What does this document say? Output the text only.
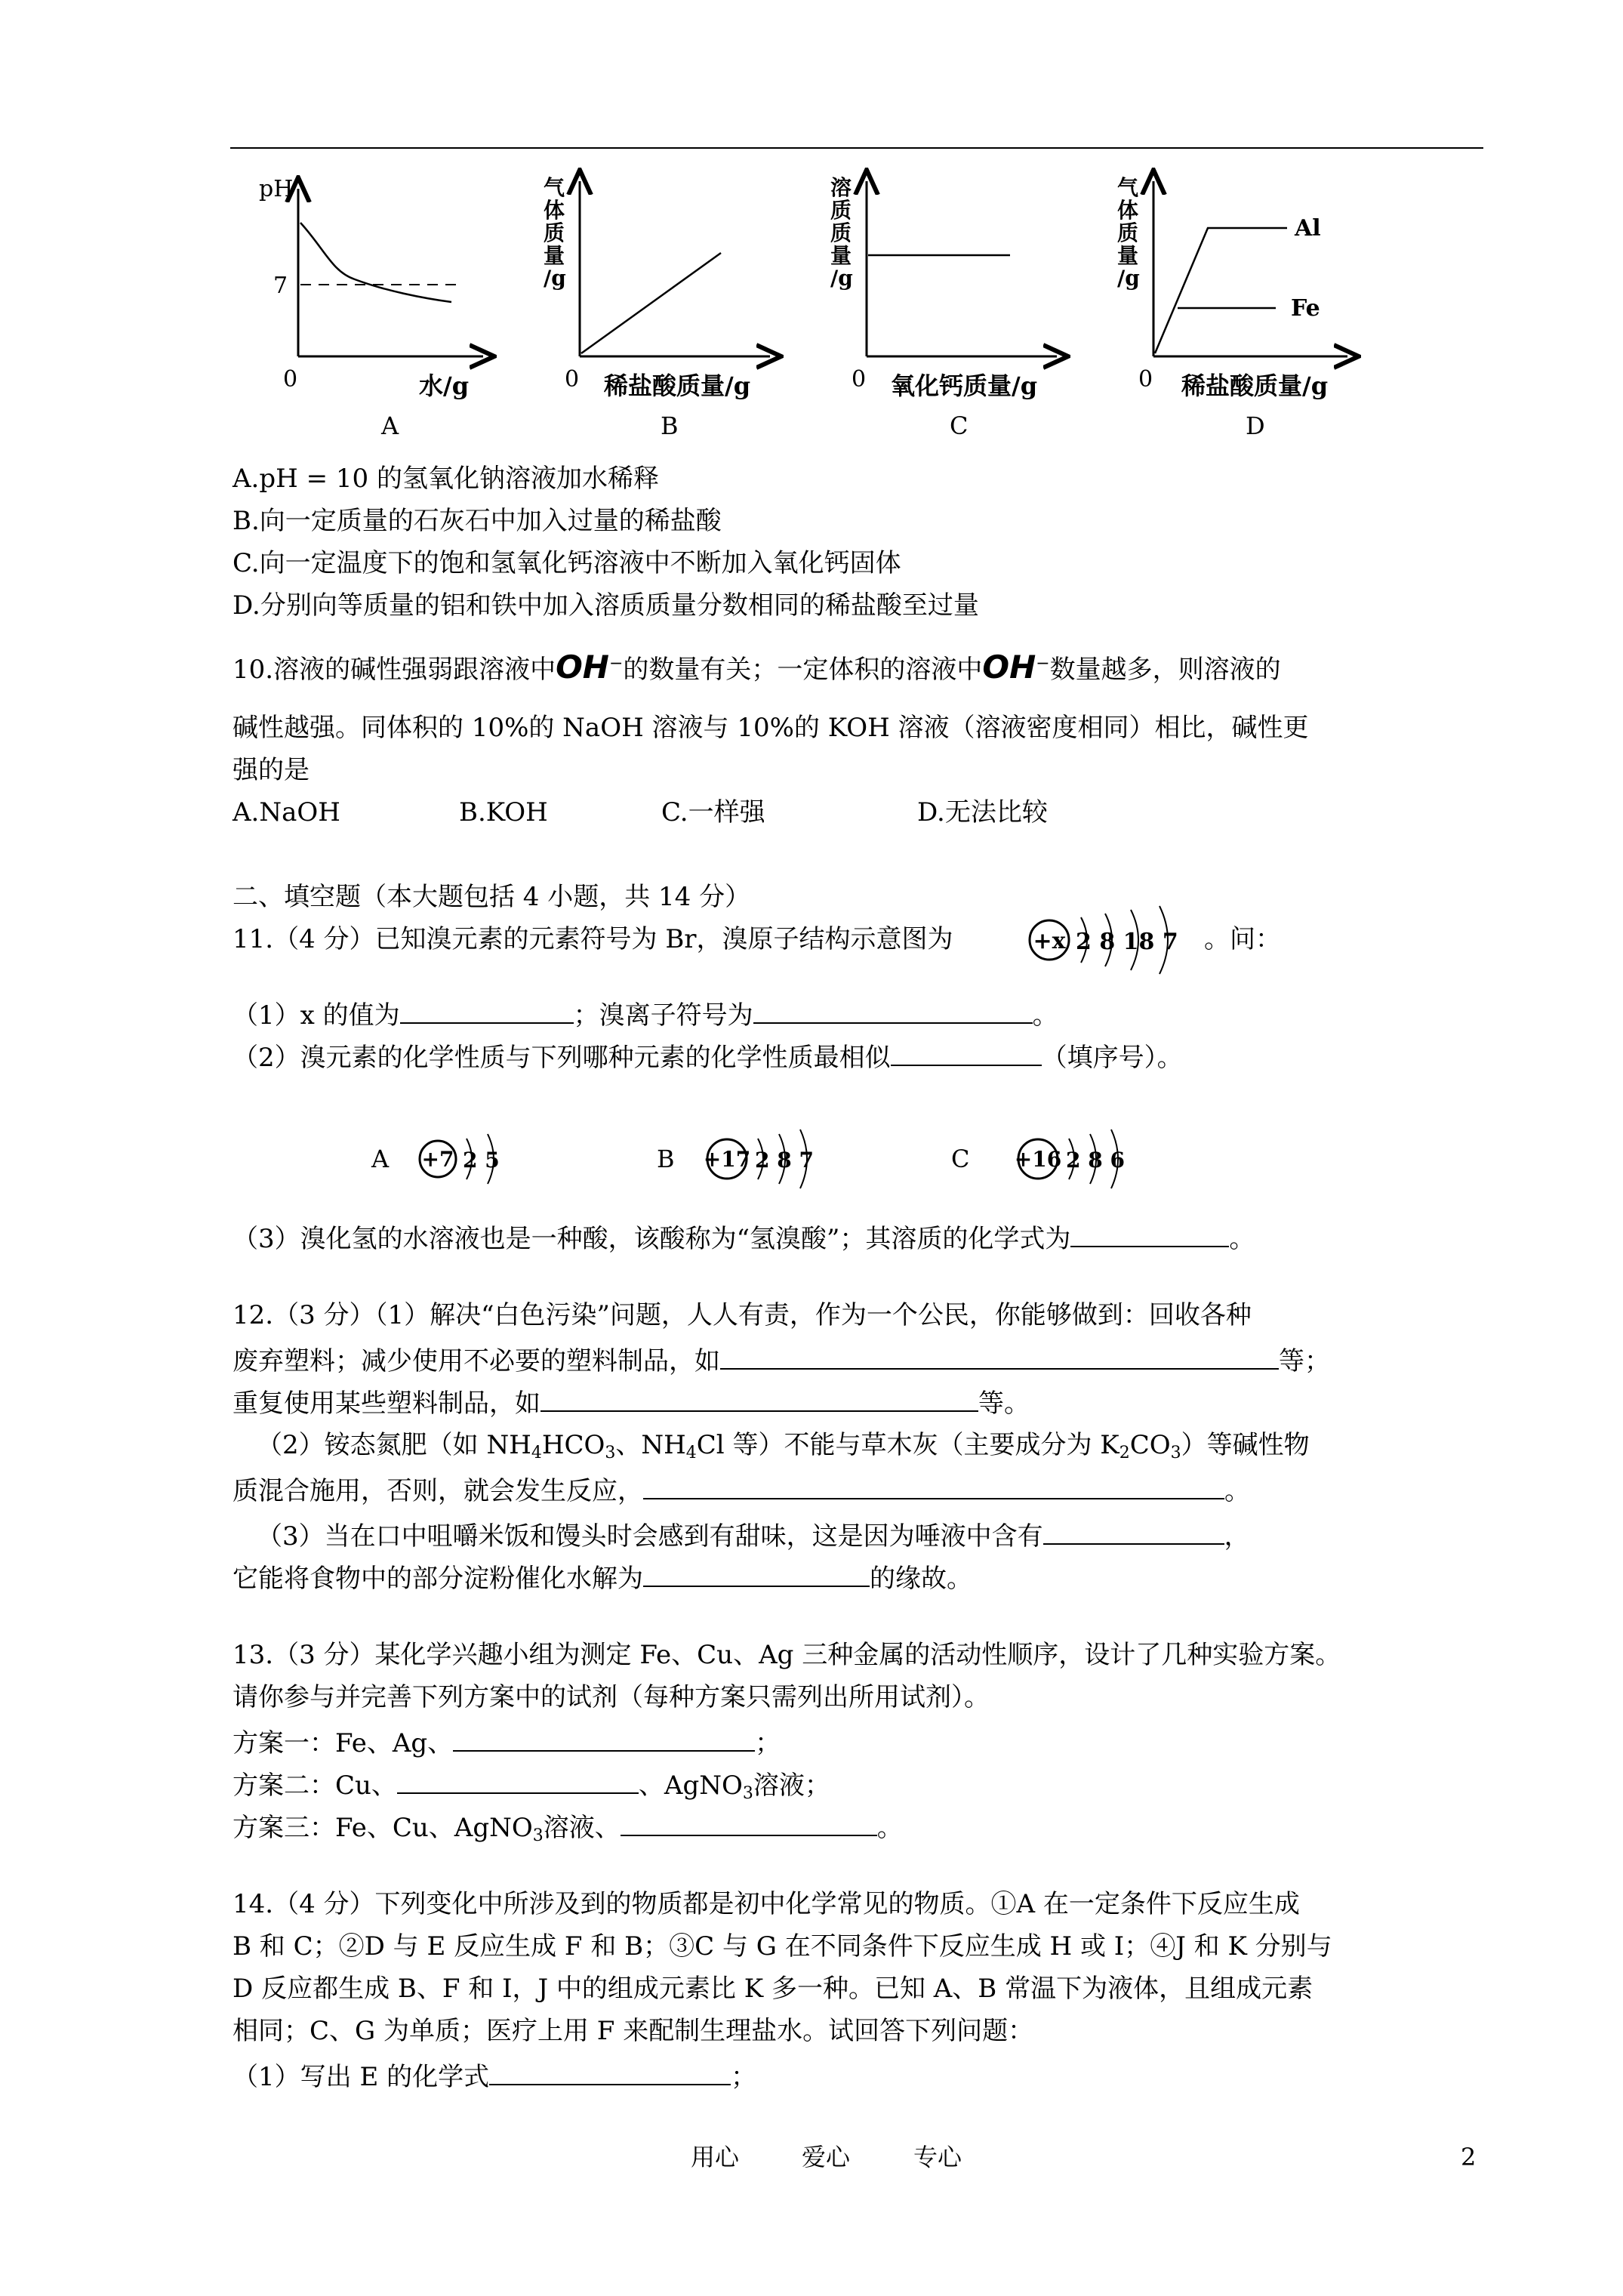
pH
7
0	水/g
A
气体质量/g
0 稀盐酸质量/g
B
溶质质量/g
0 氧化钙质量/g
C
Al
Fe
气体质量/g
0 稀盐酸质量/g
D
A.pH = 10 的氢氧化钠溶液加水稀释
B.向一定质量的石灰石中加入过量的稀盐酸
C.向一定温度下的饱和氢氧化钙溶液中不断加入氧化钙固体
D.分别向等质量的铝和铁中加入溶质质量分数相同的稀盐酸至过量
10.溶液的碱性强弱跟溶液中OH−的数量有关；一定体积的溶液中OH−数量越多，则溶液的
碱性越强。同体积的 10%的 NaOH 溶液与 10%的 KOH 溶液（溶液密度相同）相比，碱性更
强的是
A.NaOH	B.KOH	C.一样强	D.无法比较
二、填空题（本大题包括 4 小题，共 14 分）
11.（4 分）已知溴元素的元素符号为 Br，溴原子结构示意图为	+x 2 8 18 7 。问：
（1）x 的值为	；溴离子符号为	。
（2）溴元素的化学性质与下列哪种元素的化学性质最相似	（填序号）。
A +7 2 5	B +17 2 8 7	C +16 2 8 6
（3）溴化氢的水溶液也是一种酸，该酸称为“氢溴酸”；其溶质的化学式为	。
12.（3 分）（1）解决“白色污染”问题，人人有责，作为一个公民，你能够做到：回收各种
废弃塑料；减少使用不必要的塑料制品，如	等；
重复使用某些塑料制品，如	等。
（2）铵态氮肥（如 $NH_4HCO_3$、$NH_4Cl$ 等）不能与草木灰（主要成分为 $K_2CO_3$）等碱性物
质混合施用，否则，就会发生反应，	。
（3）当在口中咀嚼米饭和馒头时会感到有甜味，这是因为唾液中含有	，
它能将食物中的部分淀粉催化水解为	的缘故。
13.（3 分）某化学兴趣小组为测定 Fe、Cu、Ag 三种金属的活动性顺序，设计了几种实验方案。
请你参与并完善下列方案中的试剂（每种方案只需列出所用试剂）。
方案一：Fe、Ag、	；
方案二：Cu、	、AgNO$_3$溶液；
方案三：Fe、Cu、AgNO$_3$溶液、	。
14.（4 分）下列变化中所涉及到的物质都是初中化学常见的物质。①A 在一定条件下反应生成
B 和 C；②D 与 E 反应生成 F 和 B；③C 与 G 在不同条件下反应生成 H 或 I；④J 和 K 分别与
D 反应都生成 B、F 和 I，J 中的组成元素比 K 多一种。已知 A、B 常温下为液体，且组成元素
相同；C、G 为单质；医疗上用 F 来配制生理盐水。试回答下列问题：
（1）写出 E 的化学式	；
用心	爱心	专心	2
